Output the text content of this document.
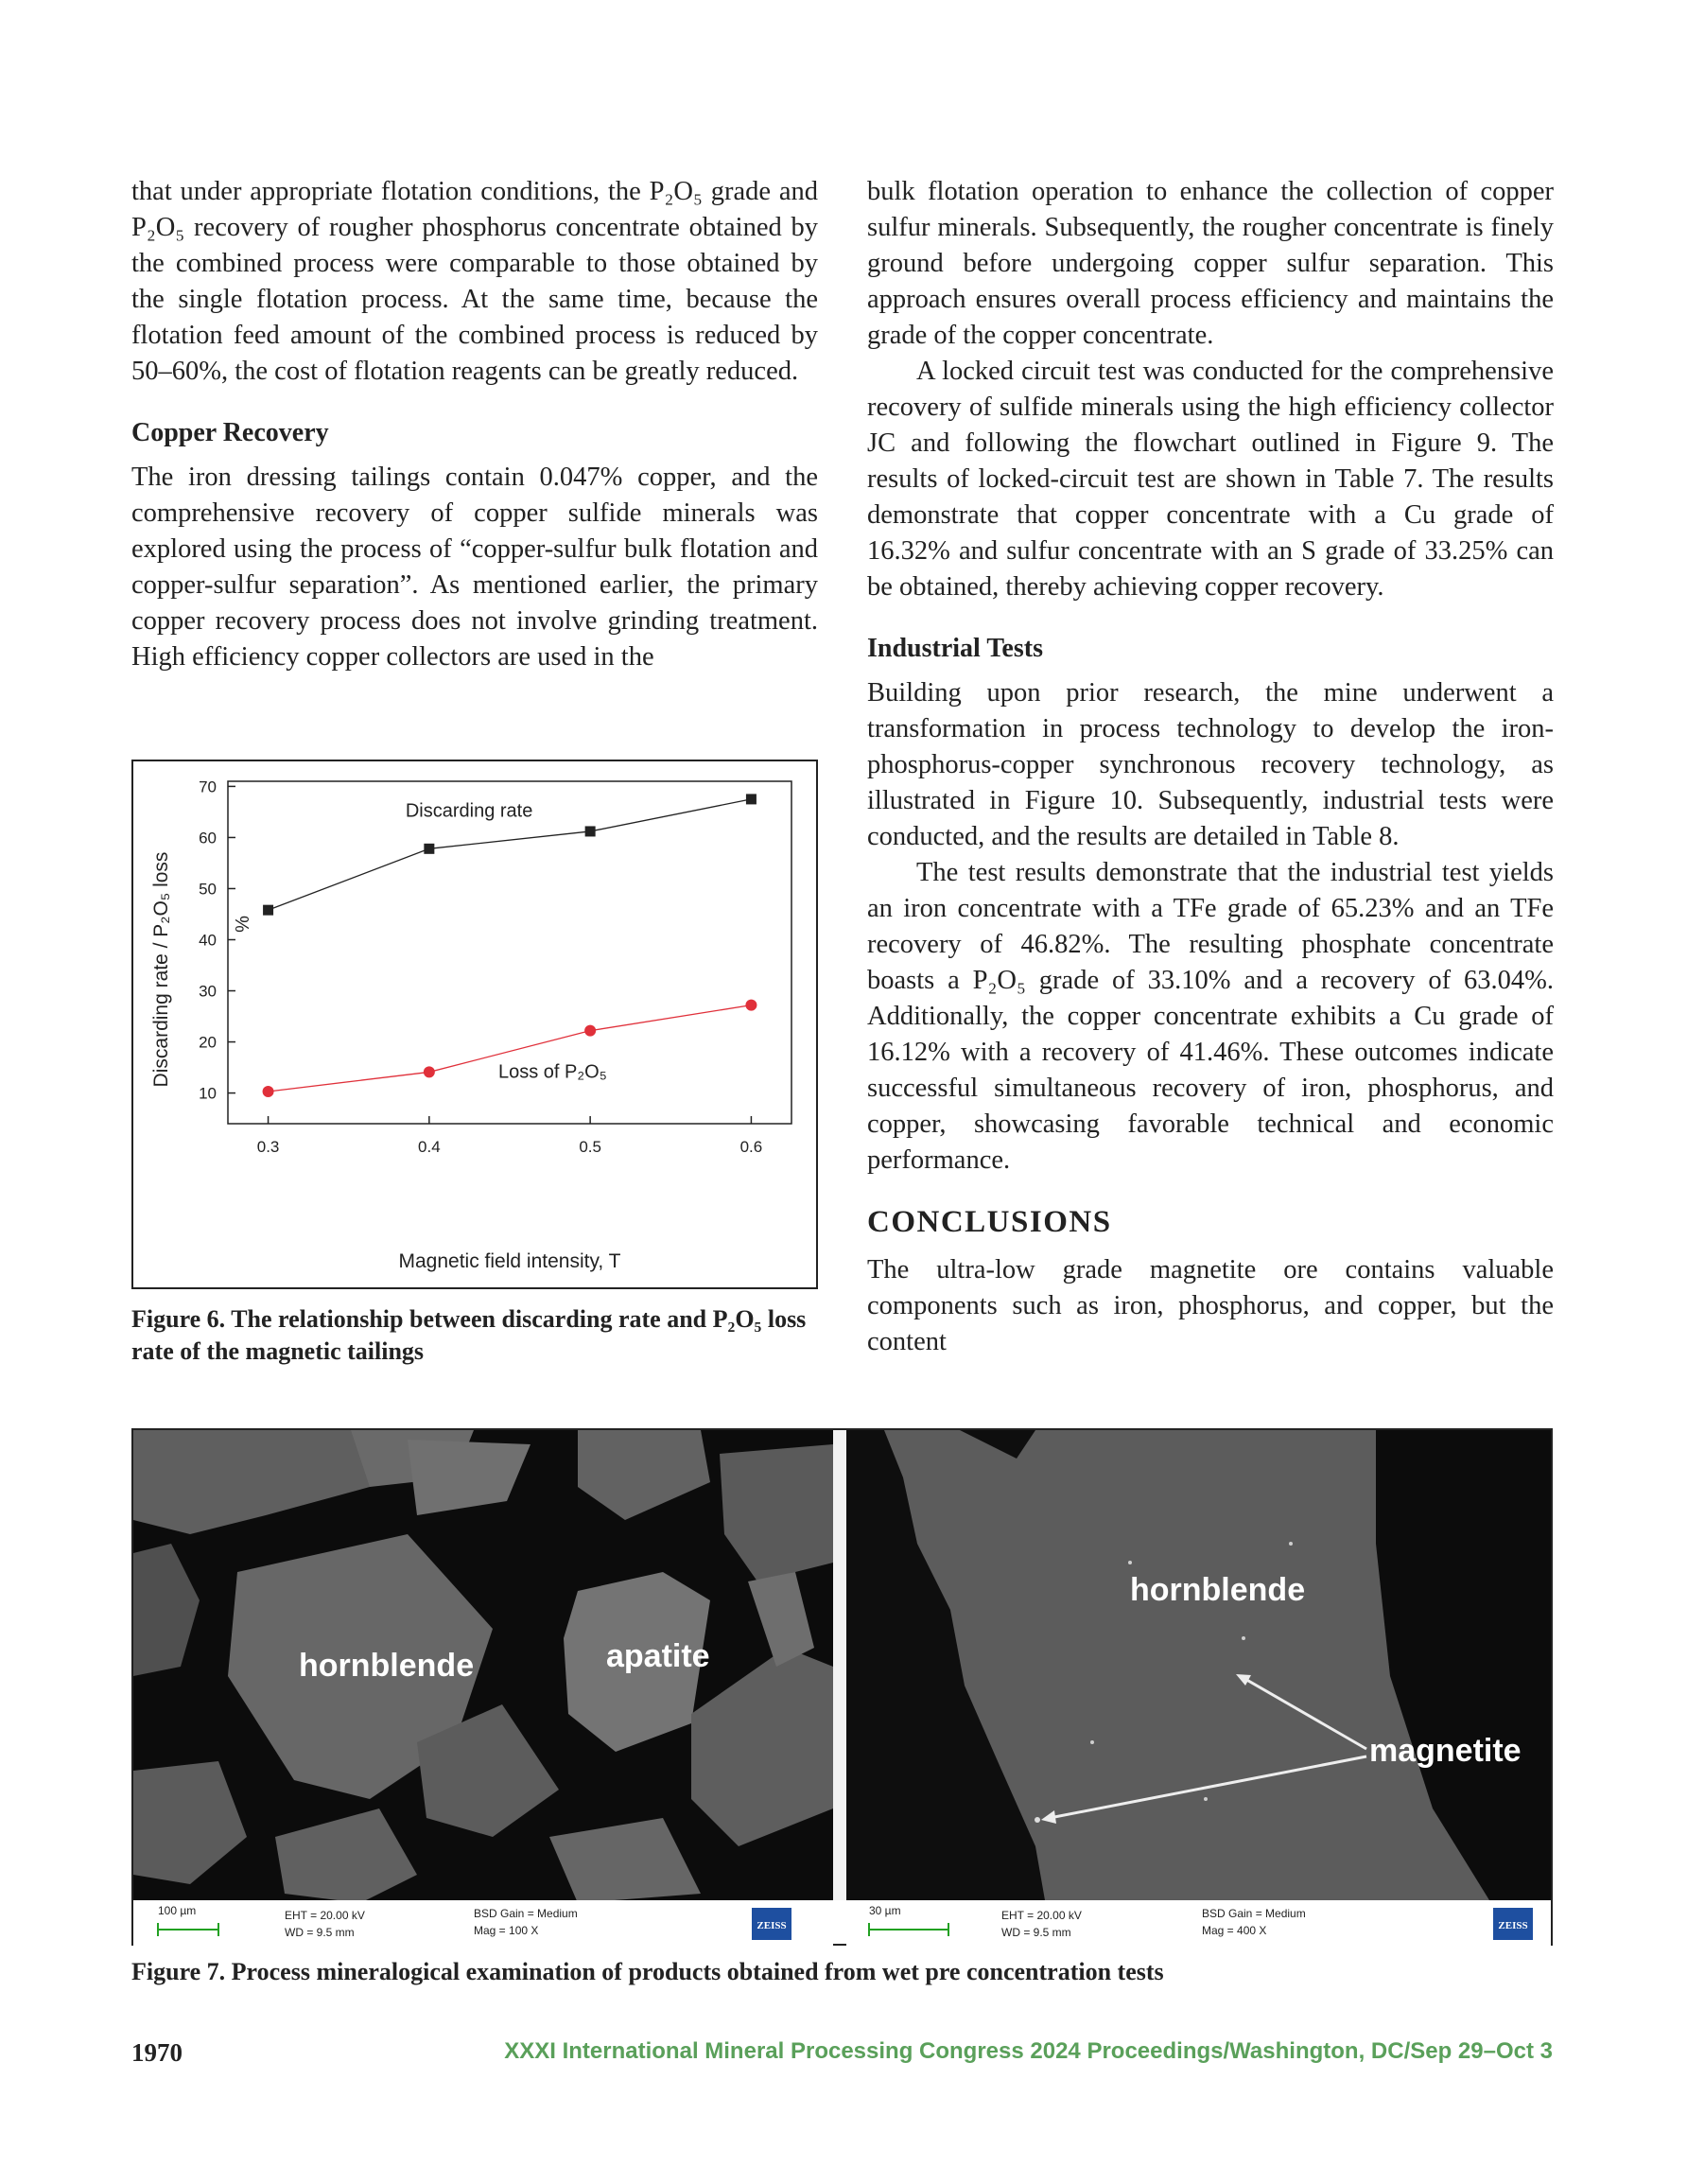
that under appropriate flotation conditions, the P₂O₅ grade and P₂O₅ recovery of rougher phosphorus concentrate obtained by the combined process were comparable to those obtained by the single flotation process. At the same time, because the flotation feed amount of the combined process is reduced by 50–60%, the cost of flotation reagents can be greatly reduced.

Copper Recovery

The iron dressing tailings contain 0.047% copper, and the comprehensive recovery of copper sulfide minerals was explored using the process of “copper-sulfur bulk flotation and copper-sulfur separation”. As mentioned earlier, the primary copper recovery process does not involve grinding treatment. High efficiency copper collectors are used in the

bulk flotation operation to enhance the collection of copper sulfur minerals. Subsequently, the rougher concentrate is finely ground before undergoing copper sulfur separation. This approach ensures overall process efficiency and maintains the grade of the copper concentrate.

A locked circuit test was conducted for the comprehensive recovery of sulfide minerals using the high efficiency collector JC and following the flowchart outlined in Figure 9. The results of locked-circuit test are shown in Table 7. The results demonstrate that copper concentrate with a Cu grade of 16.32% and sulfur concentrate with an S grade of 33.25% can be obtained, thereby achieving copper recovery.

Industrial Tests

Building upon prior research, the mine underwent a transformation in process technology to develop the iron-phosphorus-copper synchronous recovery technology, as illustrated in Figure 10. Subsequently, industrial tests were conducted, and the results are detailed in Table 8.

The test results demonstrate that the industrial test yields an iron concentrate with a TFe grade of 65.23% and an TFe recovery of 46.82%. The resulting phosphate concentrate boasts a P₂O₅ grade of 33.10% and a recovery of 63.04%. Additionally, the copper concentrate exhibits a Cu grade of 16.12% with a recovery of 41.46%. These outcomes indicate successful simultaneous recovery of iron, phosphorus, and copper, showcasing favorable technical and economic performance.

CONCLUSIONS

The ultra-low grade magnetite ore contains valuable components such as iron, phosphorus, and copper, but the content

Discarding rate / P₂O₅ loss	%
Magnetic field intensity, T
10
20
30
40
50
60
70
0.3	0.4	0.5	0.6
Discarding rate
Loss of P₂O₅
Figure 6. The relationship between discarding rate and P₂O₅ loss rate of the magnetic tailings
hornblende	apatite
100 µm	EHT = 20.00 kV
WD = 9.5 mm
BSD Gain = Medium
Mag = 100 X	ZEISS
hornblende
magnetite
30 µm	EHT = 20.00 kV
WD = 9.5 mm
BSD Gain = Medium
Mag = 400 X	ZEISS
Figure 7. Process mineralogical examination of products obtained from wet pre concentration tests
1970	XXXI International Mineral Processing Congress 2024 Proceedings/Washington, DC/Sep 29–Oct 3
